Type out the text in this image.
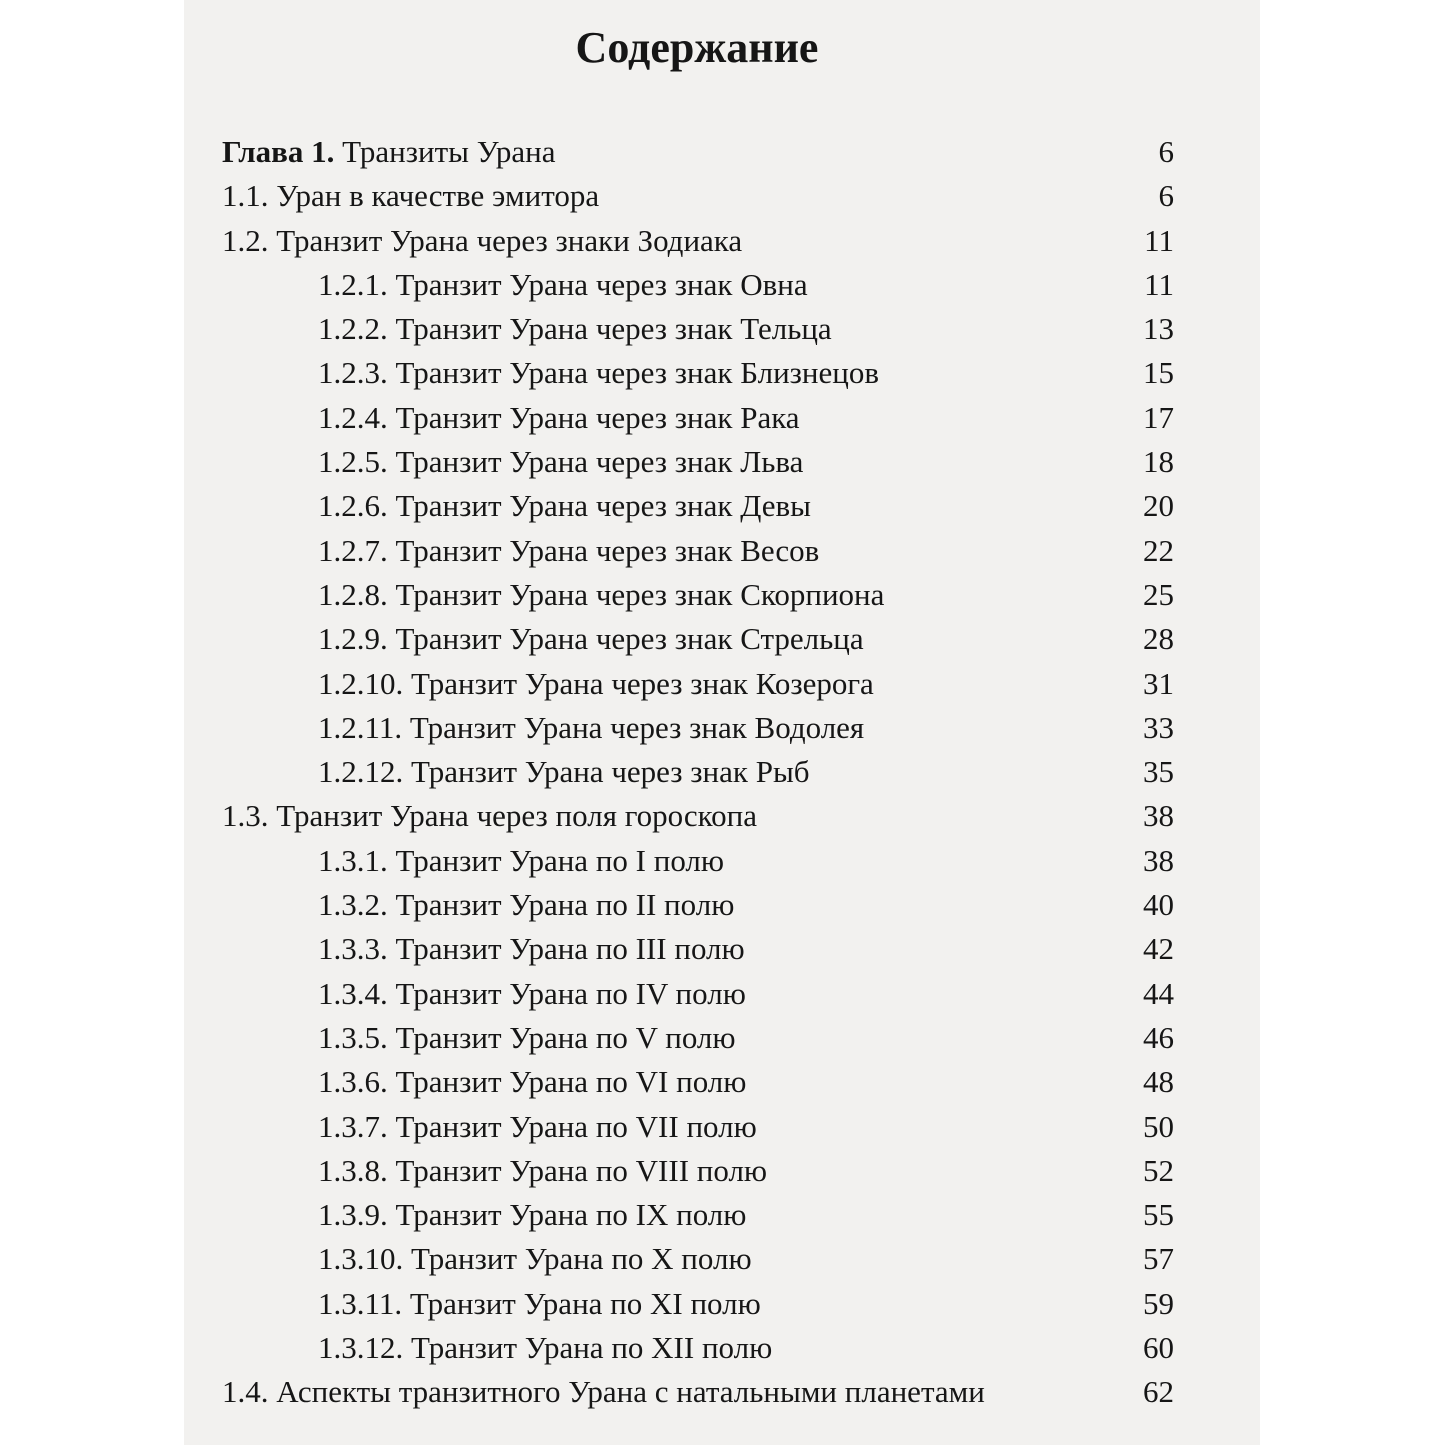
Содержание
Глава 1. Транзиты Урана	6
1.1. Уран в качестве эмитора	6
1.2. Транзит Урана через знаки Зодиака	11
1.2.1. Транзит Урана через знак Овна	11
1.2.2. Транзит Урана через знак Тельца	13
1.2.3. Транзит Урана через знак Близнецов	15
1.2.4. Транзит Урана через знак Рака	17
1.2.5. Транзит Урана через знак Льва	18
1.2.6. Транзит Урана через знак Девы	20
1.2.7. Транзит Урана через знак Весов	22
1.2.8. Транзит Урана через знак Скорпиона	25
1.2.9. Транзит Урана через знак Стрельца	28
1.2.10. Транзит Урана через знак Козерога	31
1.2.11. Транзит Урана через знак Водолея	33
1.2.12. Транзит Урана через знак Рыб	35
1.3. Транзит Урана через поля гороскопа	38
1.3.1. Транзит Урана по I полю	38
1.3.2. Транзит Урана по II полю	40
1.3.3. Транзит Урана по III полю	42
1.3.4. Транзит Урана по IV полю	44
1.3.5. Транзит Урана по V полю	46
1.3.6. Транзит Урана по VI полю	48
1.3.7. Транзит Урана по VII полю	50
1.3.8. Транзит Урана по VIII полю	52
1.3.9. Транзит Урана по IX полю	55
1.3.10. Транзит Урана по X полю	57
1.3.11. Транзит Урана по XI полю	59
1.3.12. Транзит Урана по XII полю	60
1.4. Аспекты транзитного Урана с натальными планетами	62
